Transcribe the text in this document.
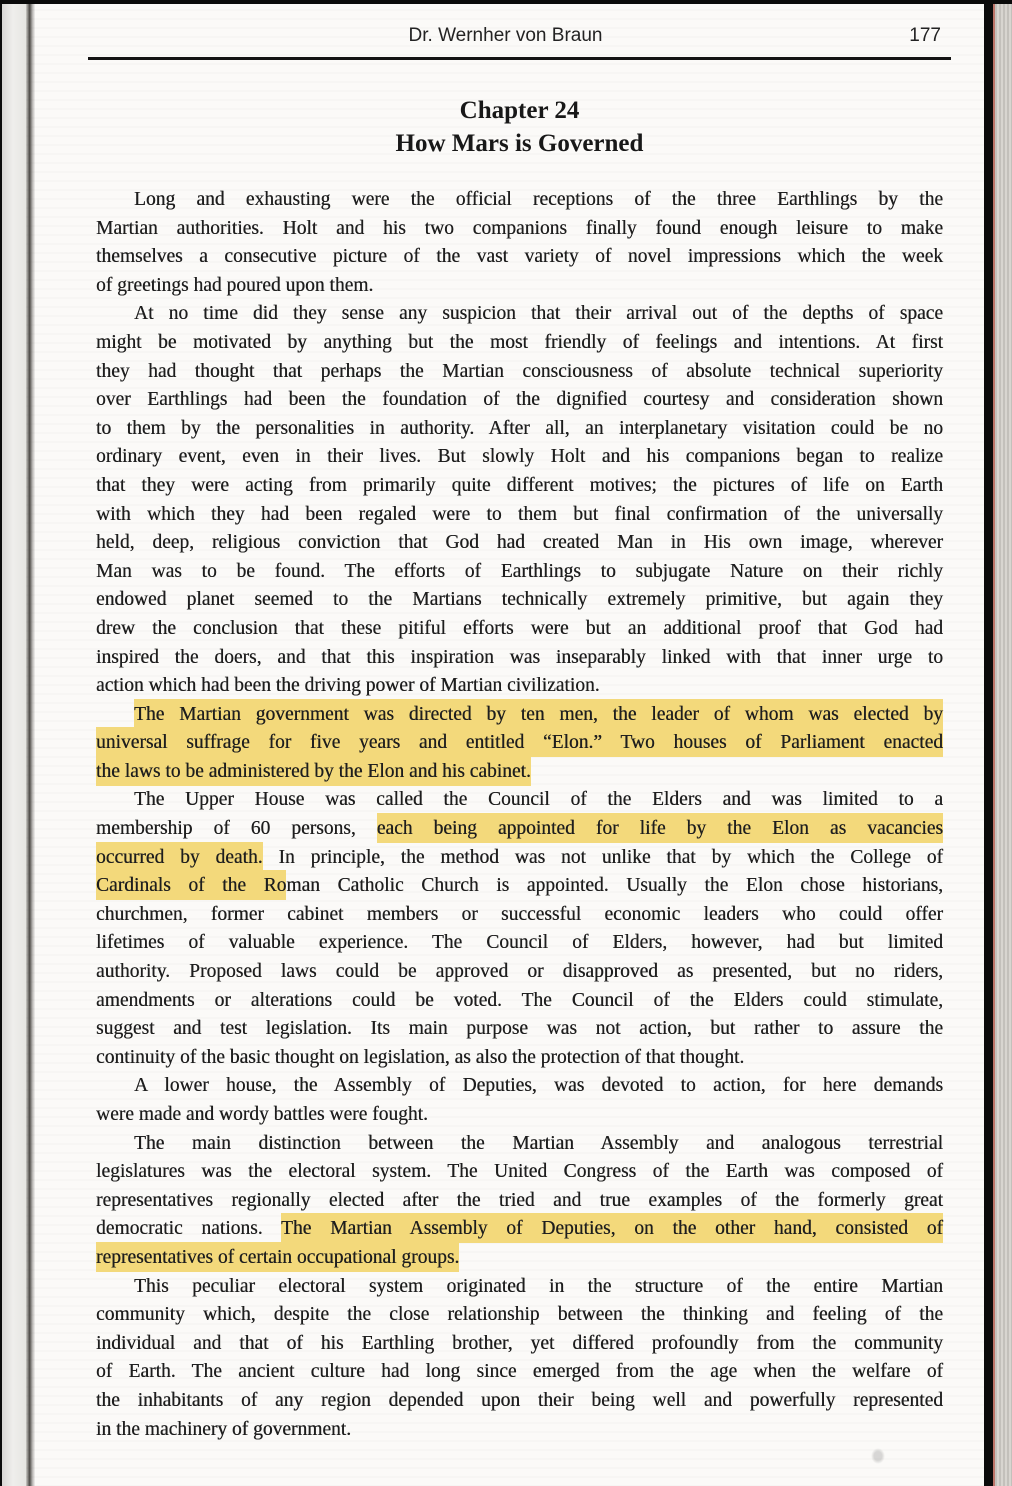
Dr. Wernher von Braun	177
Chapter 24
How Mars is Governed
Long and exhausting were the official receptions of the three Earthlings by the
Martian authorities. Holt and his two companions finally found enough leisure to make
themselves a consecutive picture of the vast variety of novel impressions which the week
of greetings had poured upon them.
At no time did they sense any suspicion that their arrival out of the depths of space
might be motivated by anything but the most friendly of feelings and intentions. At first
they had thought that perhaps the Martian consciousness of absolute technical superiority
over Earthlings had been the foundation of the dignified courtesy and consideration shown
to them by the personalities in authority. After all, an interplanetary visitation could be no
ordinary event, even in their lives. But slowly Holt and his companions began to realize
that they were acting from primarily quite different motives; the pictures of life on Earth
with which they had been regaled were to them but final confirmation of the universally
held, deep, religious conviction that God had created Man in His own image, wherever
Man was to be found. The efforts of Earthlings to subjugate Nature on their richly
endowed planet seemed to the Martians technically extremely primitive, but again they
drew the conclusion that these pitiful efforts were but an additional proof that God had
inspired the doers, and that this inspiration was inseparably linked with that inner urge to
action which had been the driving power of Martian civilization.
The Martian government was directed by ten men, the leader of whom was elected by
universal suffrage for five years and entitled “Elon.” Two houses of Parliament enacted
the laws to be administered by the Elon and his cabinet.
The Upper House was called the Council of the Elders and was limited to a
membership of 60 persons, each being appointed for life by the Elon as vacancies
occurred by death. In principle, the method was not unlike that by which the College of
Cardinals of the Roman Catholic Church is appointed. Usually the Elon chose historians,
churchmen, former cabinet members or successful economic leaders who could offer
lifetimes of valuable experience. The Council of Elders, however, had but limited
authority. Proposed laws could be approved or disapproved as presented, but no riders,
amendments or alterations could be voted. The Council of the Elders could stimulate,
suggest and test legislation. Its main purpose was not action, but rather to assure the
continuity of the basic thought on legislation, as also the protection of that thought.
A lower house, the Assembly of Deputies, was devoted to action, for here demands
were made and wordy battles were fought.
The main distinction between the Martian Assembly and analogous terrestrial
legislatures was the electoral system. The United Congress of the Earth was composed of
representatives regionally elected after the tried and true examples of the formerly great
democratic nations. The Martian Assembly of Deputies, on the other hand, consisted of
representatives of certain occupational groups.
This peculiar electoral system originated in the structure of the entire Martian
community which, despite the close relationship between the thinking and feeling of the
individual and that of his Earthling brother, yet differed profoundly from the community
of Earth. The ancient culture had long since emerged from the age when the welfare of
the inhabitants of any region depended upon their being well and powerfully represented
in the machinery of government.
